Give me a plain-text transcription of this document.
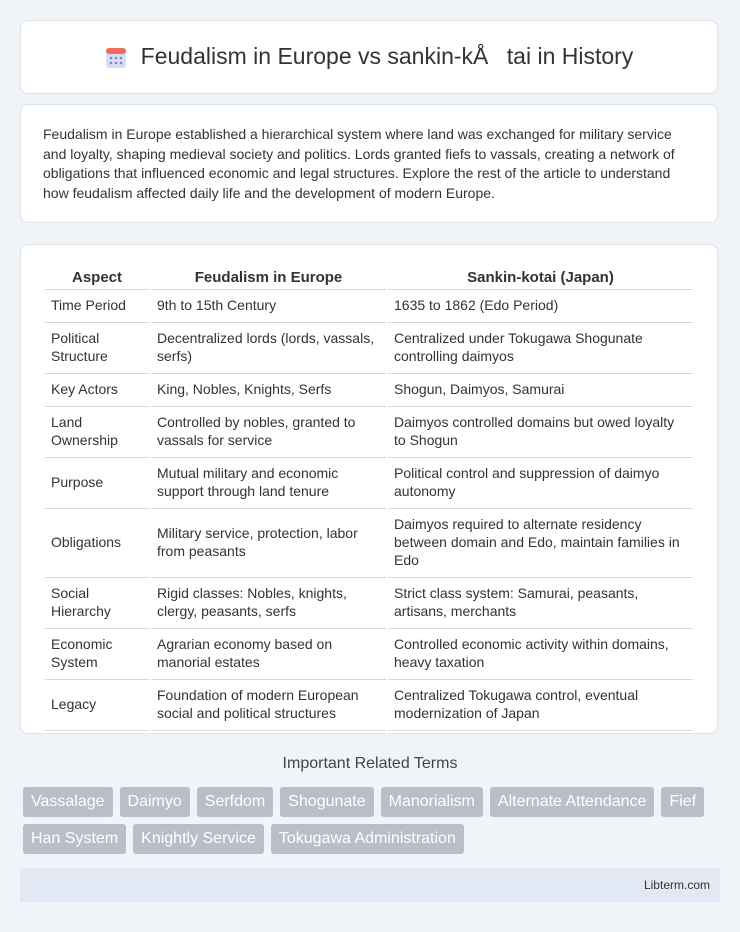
Feudalism in Europe vs sankin-kÅtai in History

Feudalism in Europe established a hierarchical system where land was exchanged for military service and loyalty, shaping medieval society and politics. Lords granted fiefs to vassals, creating a network of obligations that influenced economic and legal structures. Explore the rest of the article to understand how feudalism affected daily life and the development of modern Europe.

Aspect	Feudalism in Europe	Sankin-kotai (Japan)
Time Period	9th to 15th Century	1635 to 1862 (Edo Period)
Political Structure	Decentralized lords (lords, vassals, serfs)	Centralized under Tokugawa Shogunate controlling daimyos
Key Actors	King, Nobles, Knights, Serfs	Shogun, Daimyos, Samurai
Land Ownership	Controlled by nobles, granted to vassals for service	Daimyos controlled domains but owed loyalty to Shogun
Purpose	Mutual military and economic support through land tenure	Political control and suppression of daimyo autonomy
Obligations	Military service, protection, labor from peasants	Daimyos required to alternate residency between domain and Edo, maintain families in Edo
Social Hierarchy	Rigid classes: Nobles, knights, clergy, peasants, serfs	Strict class system: Samurai, peasants, artisans, merchants
Economic System	Agrarian economy based on manorial estates	Controlled economic activity within domains, heavy taxation
Legacy	Foundation of modern European social and political structures	Centralized Tokugawa control, eventual modernization of Japan
Important Related Terms
Vassalage	Daimyo	Serfdom	Shogunate	Manorialism	Alternate Attendance	Fief
Han System	Knightly Service	Tokugawa Administration
Libterm.com
